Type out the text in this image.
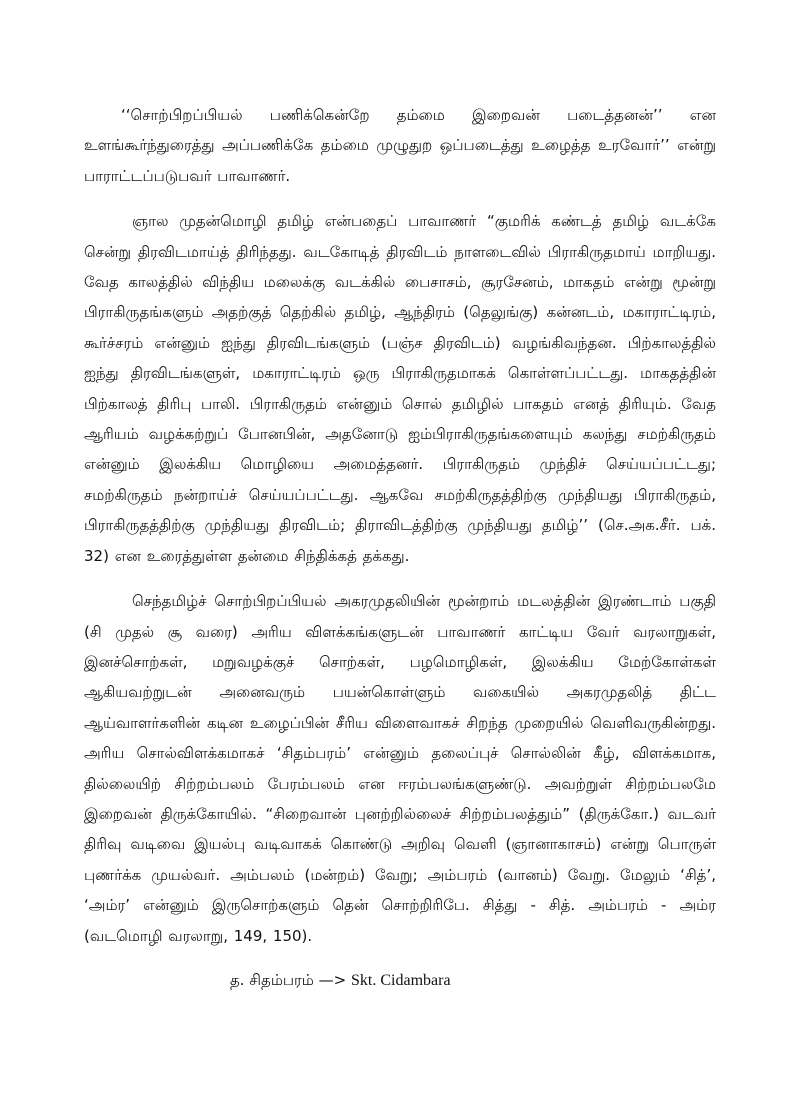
‘‘சொற்பிறப்பியல் பணிக்கென்றே தம்மை இறைவன் படைத்தனன்’’ என உளங்கூர்ந்துரைத்து அப்பணிக்கே தம்மை முழுதுற ஒப்படைத்து உழைத்த உரவோர்’’ என்று பாராட்டப்படுபவர் பாவாணர்.

ஞால முதன்மொழி தமிழ் என்பதைப் பாவாணர் “குமரிக் கண்டத் தமிழ் வடக்கே சென்று திரவிடமாய்த் திரிந்தது. வடகோடித் திரவிடம் நாளடைவில் பிராகிருதமாய் மாறியது. வேத காலத்தில் விந்திய மலைக்கு வடக்கில் பைசாசம், சூரசேனம், மாகதம் என்று மூன்று பிராகிருதங்களும் அதற்குத் தெற்கில் தமிழ், ஆந்திரம் (தெலுங்கு) கன்னடம், மகாராட்டிரம், கூர்ச்சரம் என்னும் ஐந்து திரவிடங்களும் (பஞ்ச திரவிடம்) வழங்கிவந்தன. பிற்காலத்தில் ஐந்து திரவிடங்களுள், மகாராட்டிரம் ஒரு பிராகிருதமாகக் கொள்ளப்பட்டது. மாகதத்தின் பிற்காலத் திரிபு பாலி. பிராகிருதம் என்னும் சொல் தமிழில் பாகதம் எனத் திரியும். வேத ஆரியம் வழக்கற்றுப் போனபின், அதனோடு ஐம்பிராகிருதங்களையும் கலந்து சமற்கிருதம் என்னும் இலக்கிய மொழியை அமைத்தனர். பிராகிருதம் முந்திச் செய்யப்பட்டது; சமற்கிருதம் நன்றாய்ச் செய்யப்பட்டது. ஆகவே சமற்கிருதத்திற்கு முந்தியது பிராகிருதம், பிராகிருதத்திற்கு முந்தியது திரவிடம்; திராவிடத்திற்கு முந்தியது தமிழ்’’ (செ.அக.சீர். பக். 32) என உரைத்துள்ள தன்மை சிந்திக்கத் தக்கது.

செந்தமிழ்ச் சொற்பிறப்பியல் அகரமுதலியின் மூன்றாம் மடலத்தின் இரண்டாம் பகுதி (சி முதல் சூ வரை) அரிய விளக்கங்களுடன் பாவாணர் காட்டிய வேர் வரலாறுகள், இனச்சொற்கள், மறுவழக்குச் சொற்கள், பழமொழிகள், இலக்கிய மேற்கோள்கள் ஆகியவற்றுடன் அனைவரும் பயன்கொள்ளும் வகையில் அகரமுதலித் திட்ட ஆய்வாளர்களின் கடின உழைப்பின் சீரிய விளைவாகச் சிறந்த முறையில் வெளிவருகின்றது. அரிய சொல்விளக்கமாகச் ‘சிதம்பரம்’ என்னும் தலைப்புச் சொல்லின் கீழ், விளக்கமாக, தில்லையிற் சிற்றம்பலம் பேரம்பலம் என ஈரம்பலங்களுண்டு. அவற்றுள் சிற்றம்பலமே இறைவன் திருக்கோயில். “சிறைவான் புனற்றில்லைச் சிற்றம்பலத்தும்” (திருக்கோ.) வடவர் திரிவு வடிவை இயல்பு வடிவாகக் கொண்டு அறிவு வெளி (ஞானாகாசம்) என்று பொருள் புணர்க்க முயல்வர். அம்பலம் (மன்றம்) வேறு; அம்பரம் (வானம்) வேறு. மேலும் ‘சித்’, ‘அம்ர’ என்னும் இருசொற்களும் தென் சொற்றிரிபே. சித்து - சித். அம்பரம் - அம்ர (வடமொழி வரலாறு, 149, 150).

த. சிதம்பரம் —> Skt. Cidambara
